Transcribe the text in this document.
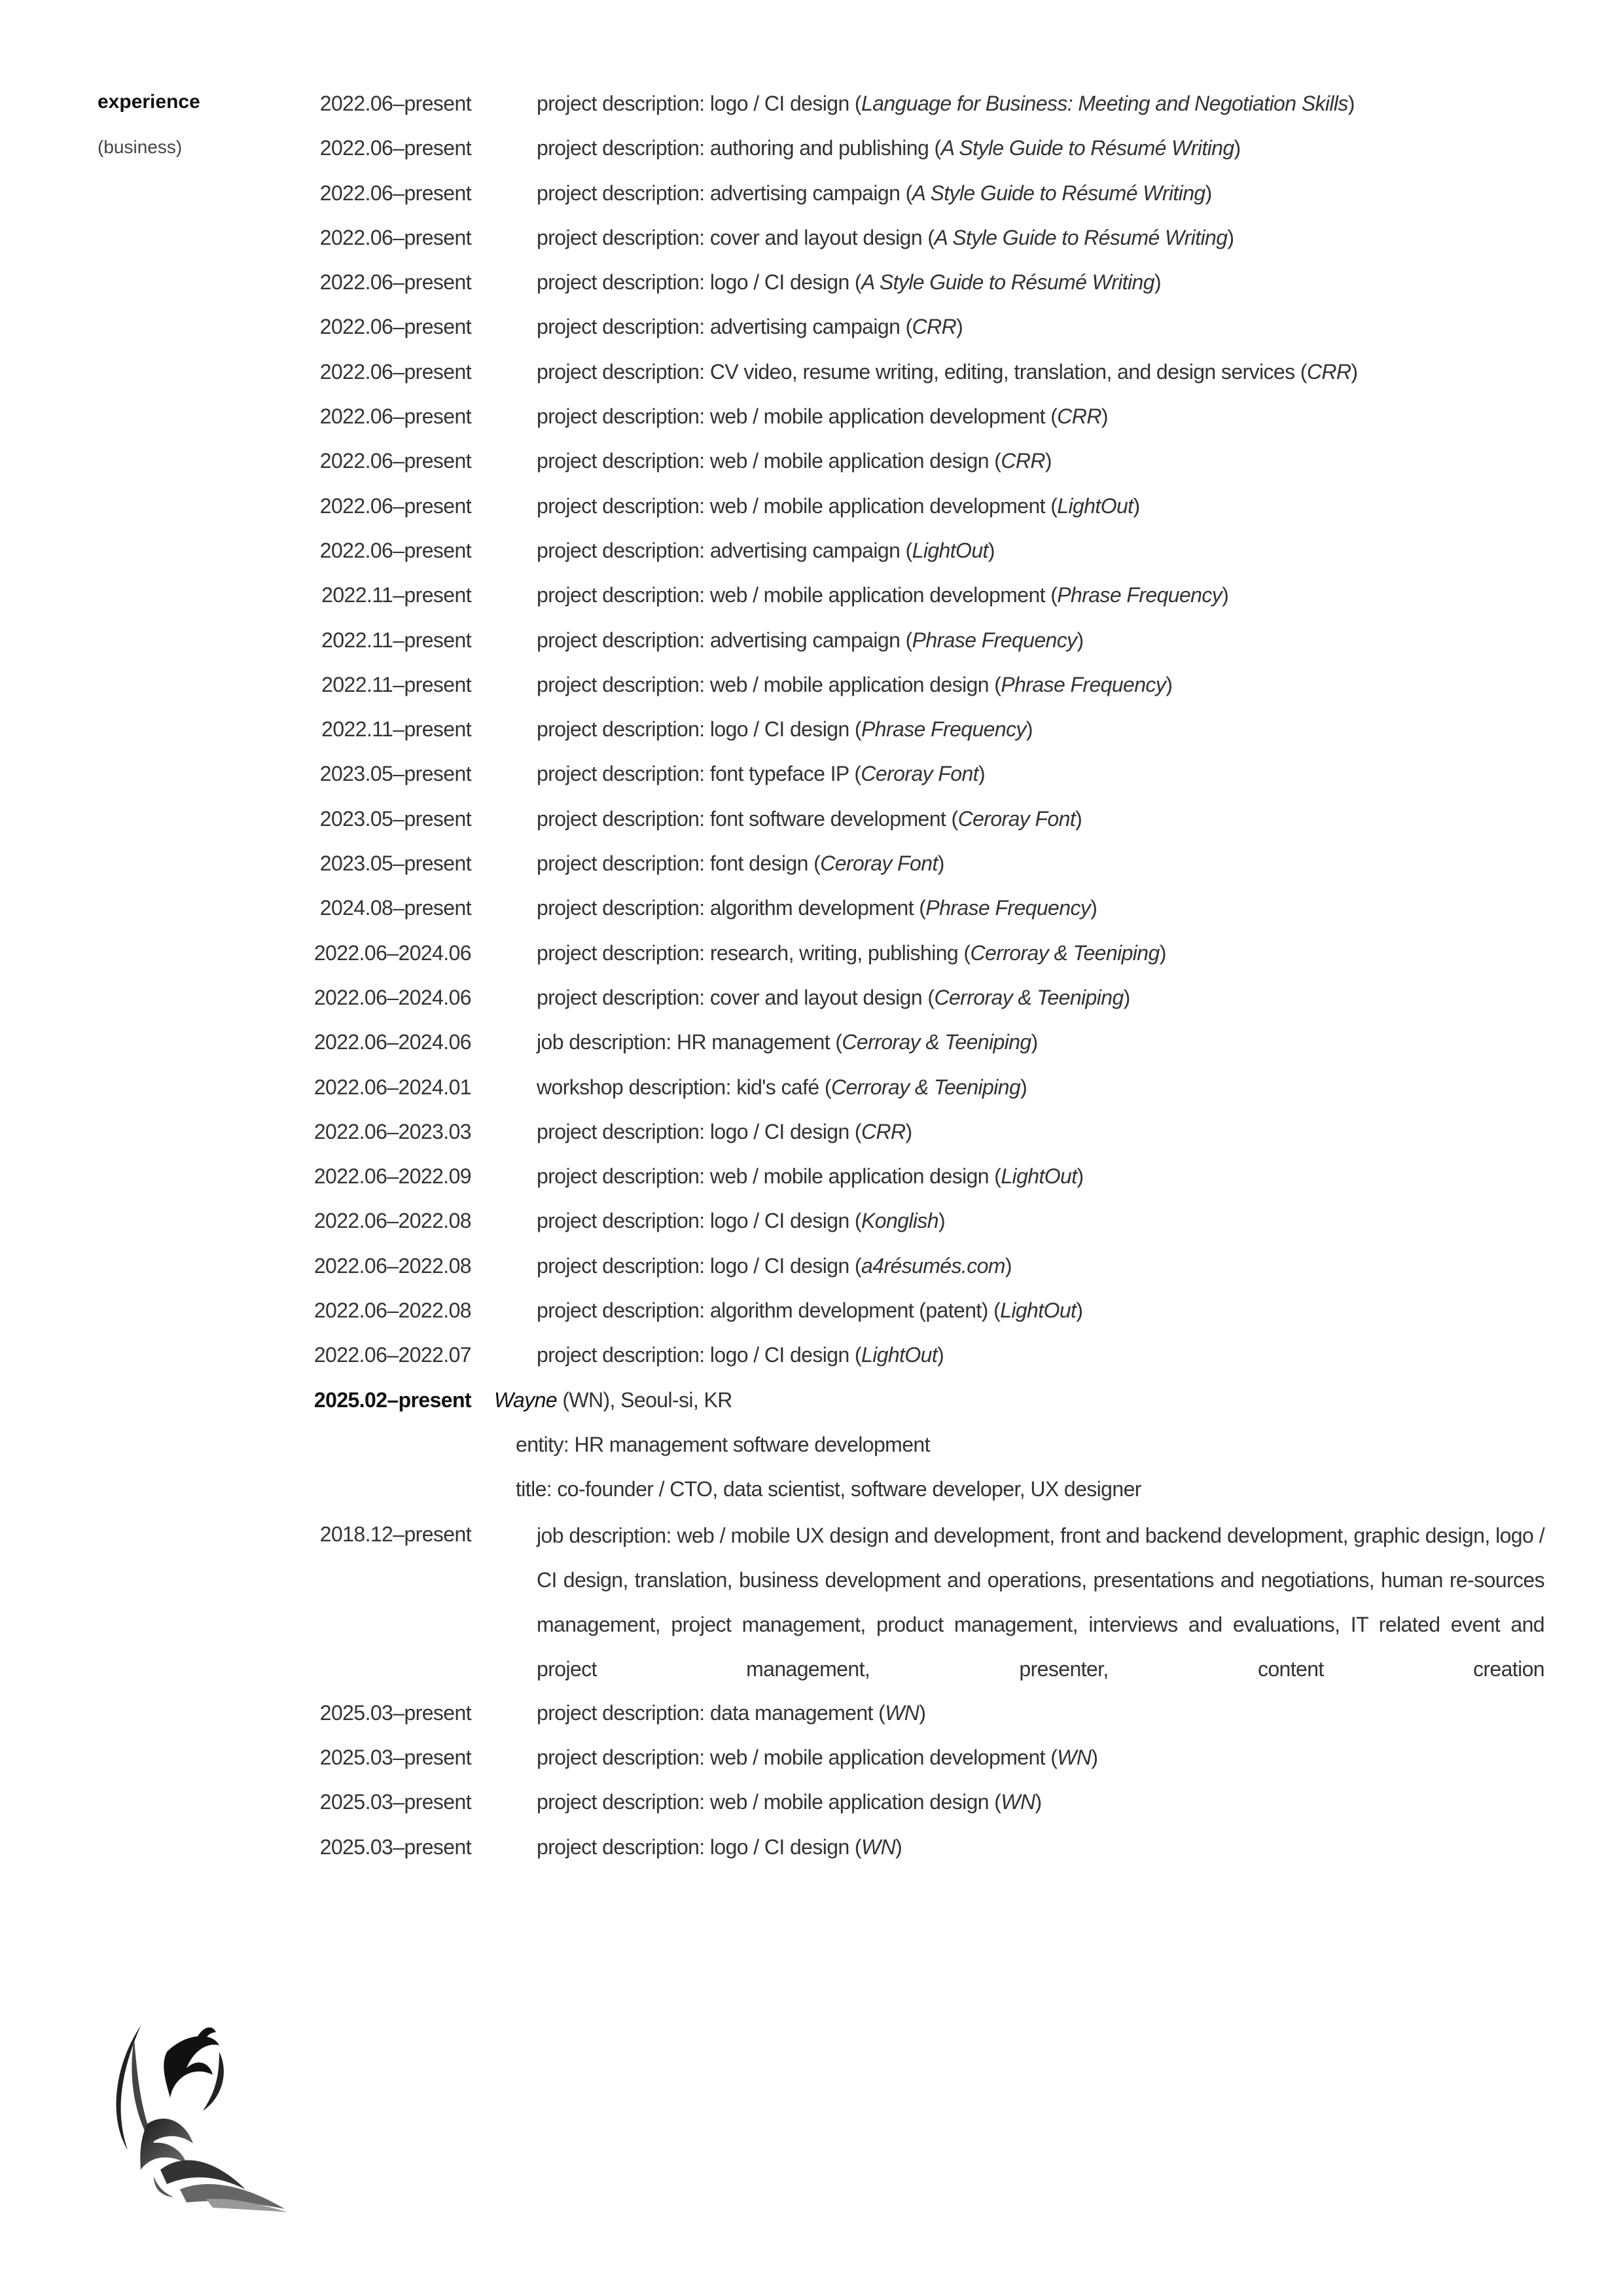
experience
(business)
2022.06–present	project description: logo / CI design (Language for Business: Meeting and Negotiation Skills)
2022.06–present	project description: authoring and publishing (A Style Guide to Résumé Writing)
2022.06–present	project description: advertising campaign (A Style Guide to Résumé Writing)
2022.06–present	project description: cover and layout design (A Style Guide to Résumé Writing)
2022.06–present	project description: logo / CI design (A Style Guide to Résumé Writing)
2022.06–present	project description: advertising campaign (CRR)
2022.06–present	project description: CV video, resume writing, editing, translation, and design services (CRR)
2022.06–present	project description: web / mobile application development (CRR)
2022.06–present	project description: web / mobile application design (CRR)
2022.06–present	project description: web / mobile application development (LightOut)
2022.06–present	project description: advertising campaign (LightOut)
2022.11–present	project description: web / mobile application development (Phrase Frequency)
2022.11–present	project description: advertising campaign (Phrase Frequency)
2022.11–present	project description: web / mobile application design (Phrase Frequency)
2022.11–present	project description: logo / CI design (Phrase Frequency)
2023.05–present	project description: font typeface IP (Ceroray Font)
2023.05–present	project description: font software development (Ceroray Font)
2023.05–present	project description: font design (Ceroray Font)
2024.08–present	project description: algorithm development (Phrase Frequency)
2022.06–2024.06	project description: research, writing, publishing (Cerroray & Teeniping)
2022.06–2024.06	project description: cover and layout design (Cerroray & Teeniping)
2022.06–2024.06	job description: HR management (Cerroray & Teeniping)
2022.06–2024.01	workshop description: kid's café (Cerroray & Teeniping)
2022.06–2023.03	project description: logo / CI design (CRR)
2022.06–2022.09	project description: web / mobile application design (LightOut)
2022.06–2022.08	project description: logo / CI design (Konglish)
2022.06–2022.08	project description: logo / CI design (a4résumés.com)
2022.06–2022.08	project description: algorithm development (patent) (LightOut)
2022.06–2022.07	project description: logo / CI design (LightOut)
2025.02–present Wayne (WN), Seoul-si, KR
entity: HR management software development
title: co-founder / CTO, data scientist, software developer, UX designer
2018.12–present	job description: web / mobile UX design and development, front and backend development, graphic design, logo / CI design, translation, business development and operations, presentations and negotiations, human re-sources management, project management, product management, interviews and evaluations, IT related event and project management, presenter, content creation
2025.03–present	project description: data management (WN)
2025.03–present	project description: web / mobile application development (WN)
2025.03–present	project description: web / mobile application design (WN)
2025.03–present	project description: logo / CI design (WN)
